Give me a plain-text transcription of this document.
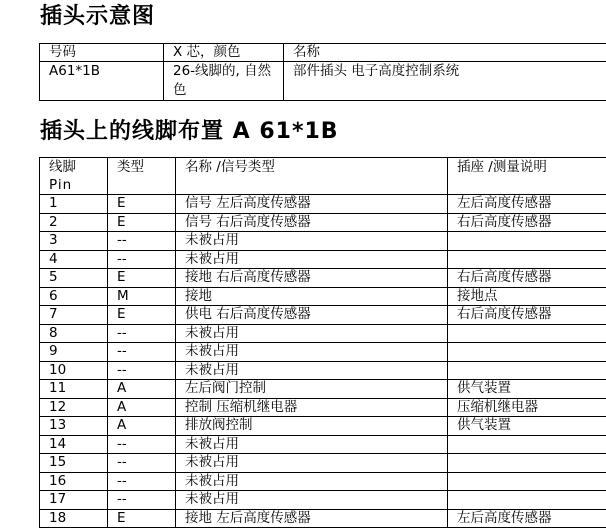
插头示意图
号码	X 芯，颜色	名称
A61*1B	26-线脚的, 自然色	部件插头 电子高度控制系统
插头上的线脚布置 A 61*1B
线脚
Pin	类型	名称 /信号类型	插座 /测量说明
1	E	信号 左后高度传感器	左后高度传感器
2	E	信号 右后高度传感器	右后高度传感器
3	--	未被占用	
4	--	未被占用	
5	E	接地 右后高度传感器	右后高度传感器
6	M	接地	接地点
7	E	供电 右后高度传感器	右后高度传感器
8	--	未被占用	
9	--	未被占用	
10	--	未被占用	
11	A	左后阀门控制	供气装置
12	A	控制 压缩机继电器	压缩机继电器
13	A	排放阀控制	供气装置
14	--	未被占用	
15	--	未被占用	
16	--	未被占用	
17	--	未被占用	
18	E	接地 左后高度传感器	左后高度传感器
